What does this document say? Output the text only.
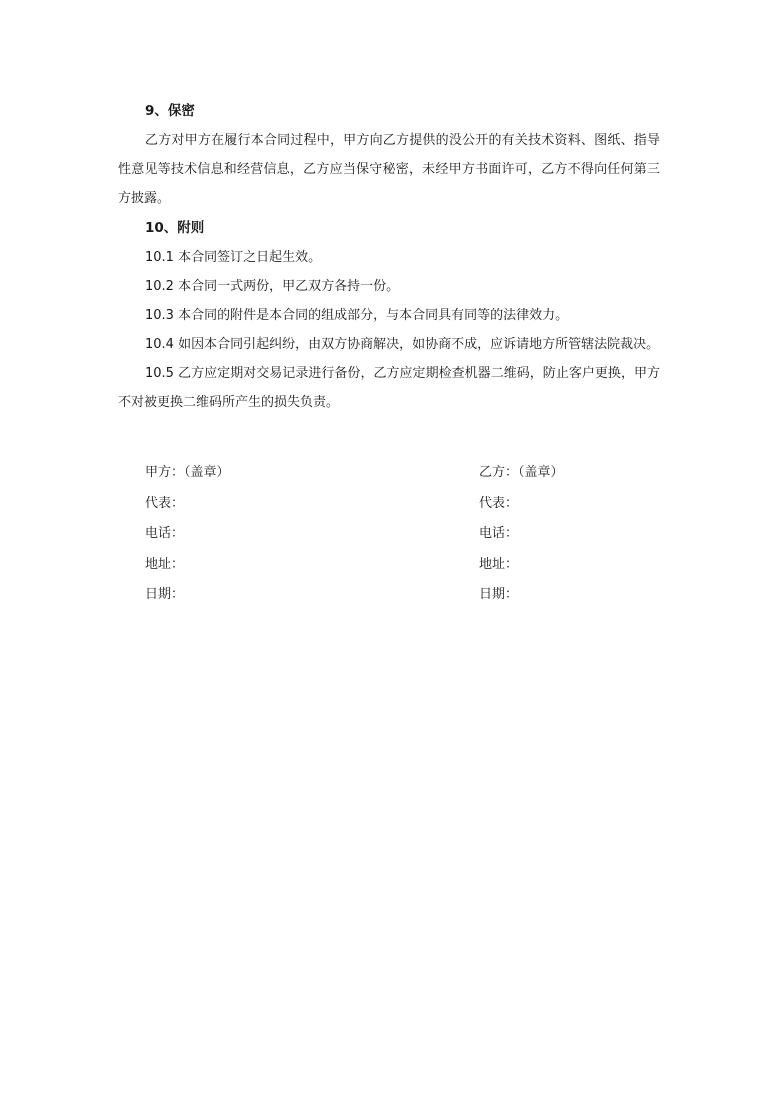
9、保密

乙方对甲方在履行本合同过程中，甲方向乙方提供的没公开的有关技术资料、图纸、指导性意见等技术信息和经营信息，乙方应当保守秘密，未经甲方书面许可，乙方不得向任何第三方披露。

10、附则

10.1 本合同签订之日起生效。

10.2 本合同一式两份，甲乙双方各持一份。

10.3 本合同的附件是本合同的组成部分，与本合同具有同等的法律效力。

10.4 如因本合同引起纠纷，由双方协商解决，如协商不成，应诉请地方所管辖法院裁决。

10.5 乙方应定期对交易记录进行备份，乙方应定期检查机器二维码，防止客户更换，甲方不对被更换二维码所产生的损失负责。

甲方：（盖章）
代表：
电话：
地址：
日期：
乙方：（盖章）
代表：
电话：
地址：
日期：
